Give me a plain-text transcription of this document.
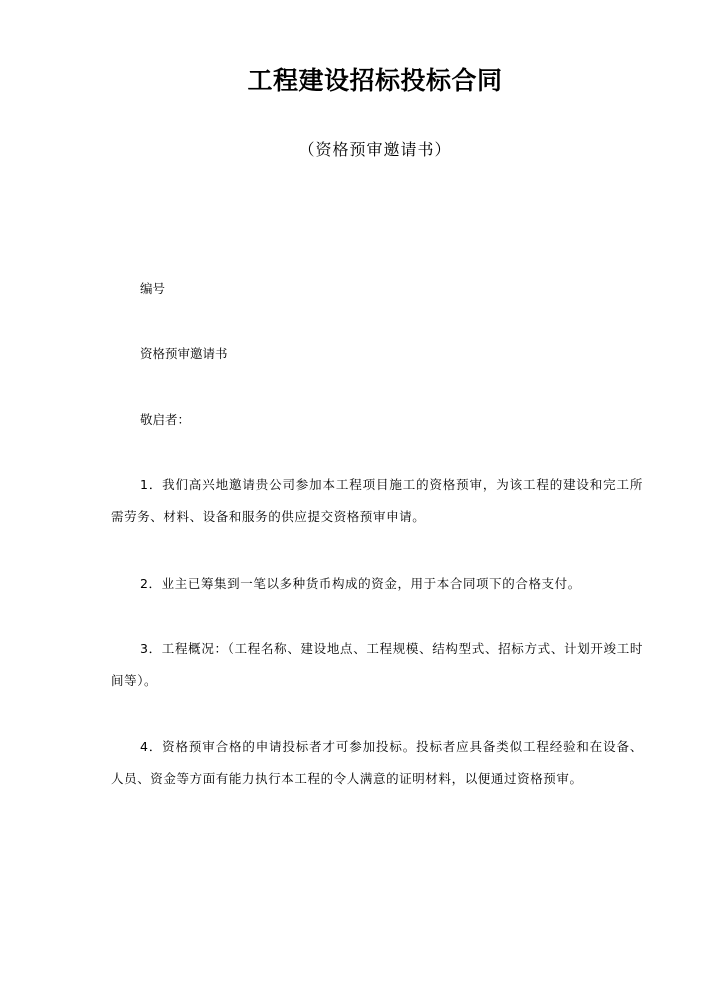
工程建设招标投标合同
（资格预审邀请书）
编号
资格预审邀请书
敬启者：
1．我们高兴地邀请贵公司参加本工程项目施工的资格预审，为该工程的建设和完工所需劳务、材料、设备和服务的供应提交资格预审申请。
2．业主已筹集到一笔以多种货币构成的资金，用于本合同项下的合格支付。
3．工程概况：（工程名称、建设地点、工程规模、结构型式、招标方式、计划开竣工时间等）。
4．资格预审合格的申请投标者才可参加投标。投标者应具备类似工程经验和在设备、人员、资金等方面有能力执行本工程的令人满意的证明材料，以便通过资格预审。
